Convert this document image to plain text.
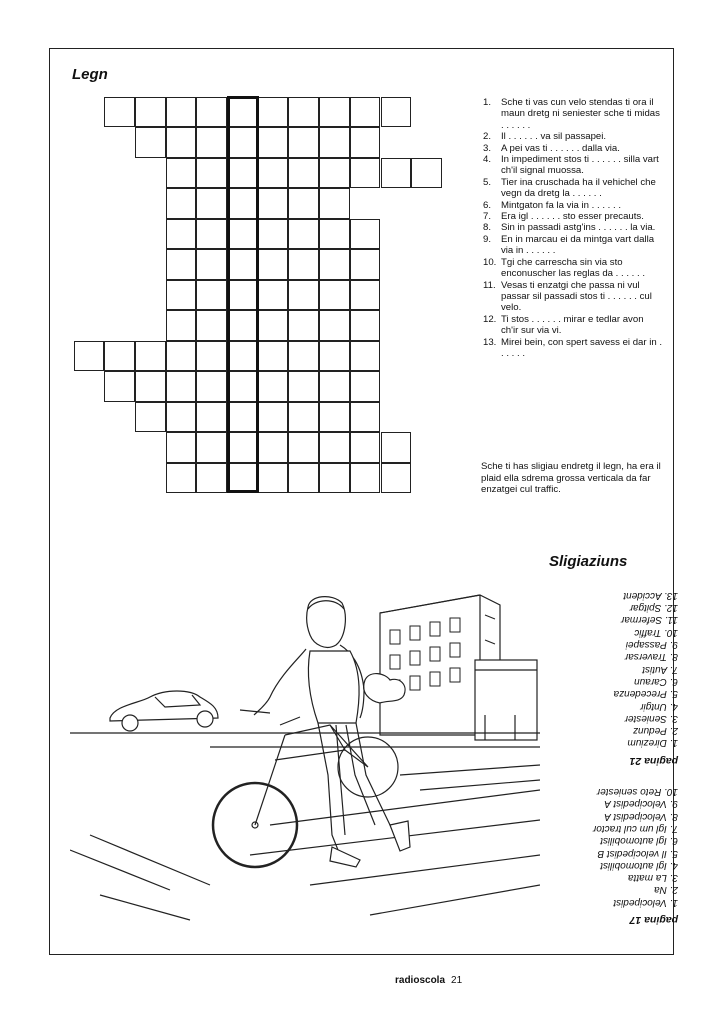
Legn
1. Sche ti vas cun velo stendas ti ora il maun dretg ni seniester sche ti midas . . . . . .
2. Il . . . . . . va sil passapei.
3. A pei vas ti . . . . . . dalla via.
4. In impediment stos ti . . . . . . silla vart ch'il signal muossa.
5. Tier ina cruschada ha il vehichel che vegn da dretg la . . . . . .
6. Mintgaton fa la via in . . . . . .
7. Era igl . . . . . . sto esser precauts.
8. Sin in passadi astg'ins . . . . . . la via.
9. En in marcau ei da mintga vart dalla via in . . . . . .
10. Tgi che carrescha sin via sto enconuscher las reglas da . . . . . .
11. Vesas ti enzatgi che passa ni vul passar sil passadi stos ti . . . . . . cul velo.
12. Ti stos . . . . . . mirar e tedlar avon ch'ir sur via vi.
13. Mirei bein, con spert savess ei dar in . . . . . .
Sche ti has sligiau endretg il legn, ha era il plaid ella sdrema grossa verticala da far enzatgei cul traffic.
Sligiaziuns
pagina 17
1. Velocipedist
2. Na
3. La matta
4. Igl automobilist
5. Il velocipedist B
6. Igl automobilist
7. Igl um cul tractor
8. Velocipedist A
9. Velocipedist A
10. Reto seniester
pagina 21
1. Direzium
2. Pedunz
3. Seniester
4. Untgir
5. Precedenza
6. Caraun
7. Autist
8. Traversar
9. Passapei
10. Traffic
11. Sefermar
12. Spitgar
13. Accident
radioscola 21
